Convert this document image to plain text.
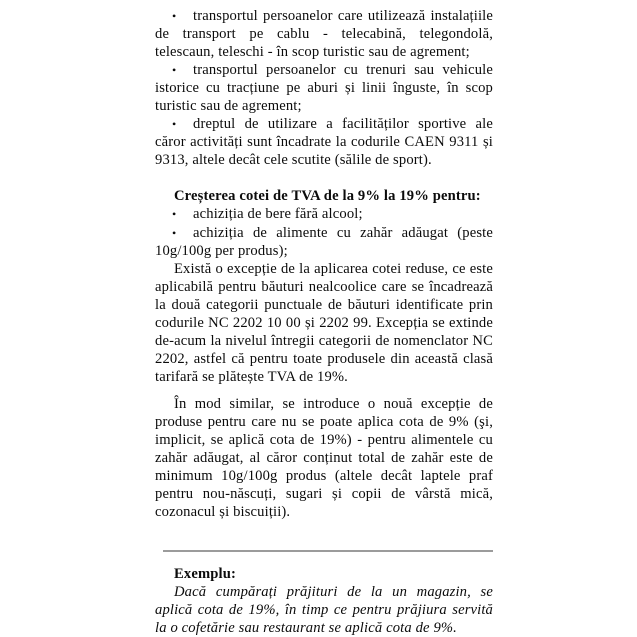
• transportul persoanelor care utilizează instalațiile de transport pe cablu - telecabină, telegondolă, telescaun, teleschi - în scop turistic sau de agrement;

• transportul persoanelor cu trenuri sau vehicule istorice cu tracțiune pe aburi și linii înguste, în scop turistic sau de agrement;

• dreptul de utilizare a facilităților sportive ale căror activități sunt încadrate la codurile CAEN 9311 și 9313, altele decât cele scutite (sălile de sport).

Creșterea cotei de TVA de la 9% la 19% pentru:

• achiziția de bere fără alcool;

• achiziția de alimente cu zahăr adăugat (peste 10g/100g per produs);

Există o excepție de la aplicarea cotei reduse, ce este aplicabilă pentru băuturi nealcoolice care se încadrează la două categorii punctuale de băuturi identificate prin codurile NC 2202 10 00 și 2202 99. Excepția se extinde de-acum la nivelul întregii categorii de nomenclator NC 2202, astfel că pentru toate produsele din această clasă tarifară se plătește TVA de 19%.

În mod similar, se introduce o nouă excepție de produse pentru care nu se poate aplica cota de 9% (şi, implicit, se aplică cota de 19%) - pentru alimentele cu zahăr adăugat, al căror conținut total de zahăr este de minimum 10g/100g produs (altele decât laptele praf pentru nou-născuți, sugari și copii de vârstă mică, cozonacul și biscuiții).

Exemplu:

Dacă cumpărați prăjituri de la un magazin, se aplică cota de 19%, în timp ce pentru prăjiura servită la o cofetărie sau restaurant se aplică cota de 9%.
